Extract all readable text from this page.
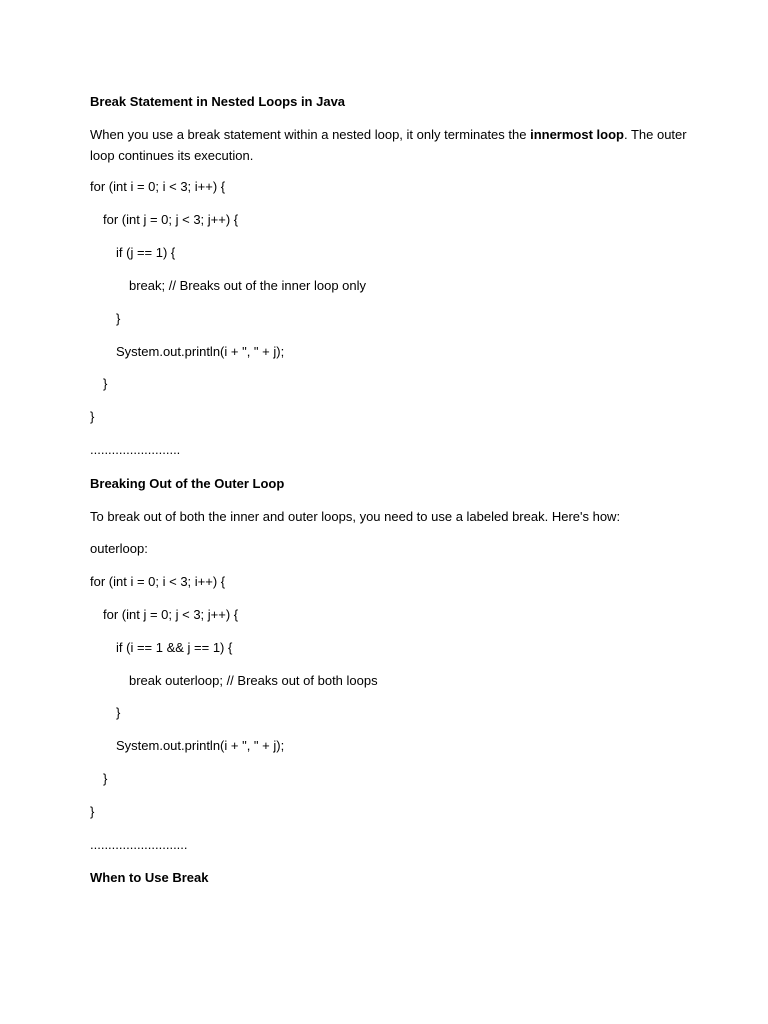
Break Statement in Nested Loops in Java
When you use a break statement within a nested loop, it only terminates the innermost loop. The outer loop continues its execution.
for (int i = 0; i < 3; i++) {
for (int j = 0; j < 3; j++) {
if (j == 1) {
break; // Breaks out of the inner loop only
}
System.out.println(i + ", " + j);
}
}
.........................
Breaking Out of the Outer Loop
To break out of both the inner and outer loops, you need to use a labeled break. Here's how:
outerloop:
for (int i = 0; i < 3; i++) {
for (int j = 0; j < 3; j++) {
if (i == 1 && j == 1) {
break outerloop; // Breaks out of both loops
}
System.out.println(i + ", " + j);
}
}
...........................
When to Use Break
